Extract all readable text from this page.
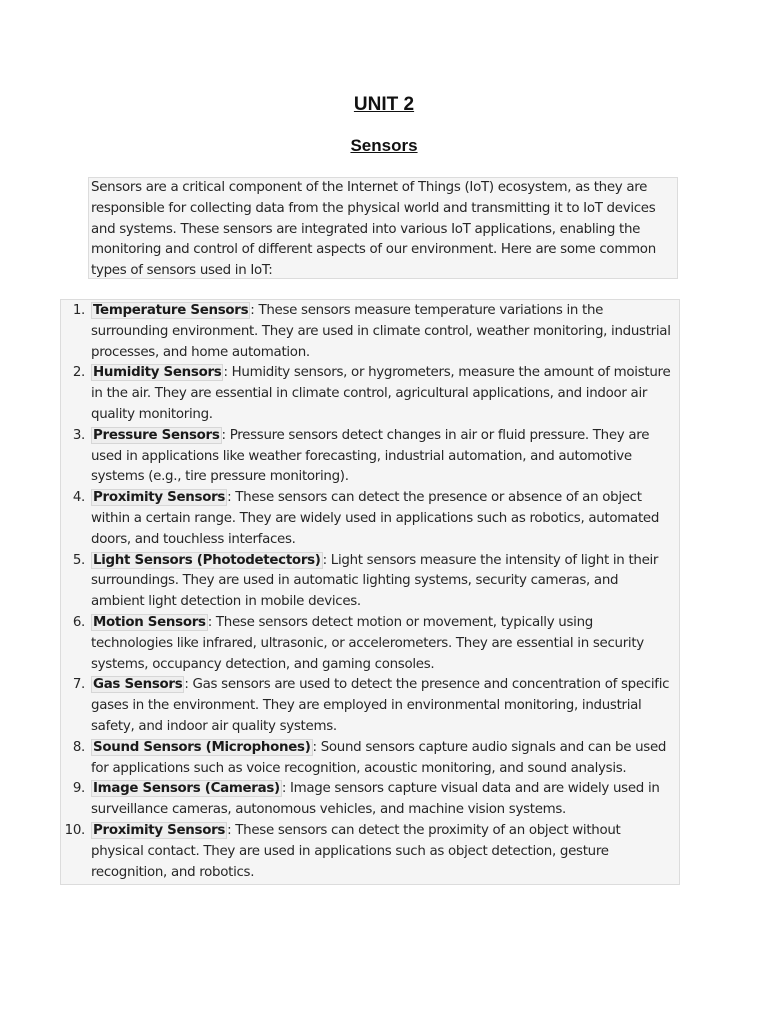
UNIT 2
Sensors

Sensors are a critical component of the Internet of Things (IoT) ecosystem, as they are responsible for collecting data from the physical world and transmitting it to IoT devices and systems. These sensors are integrated into various IoT applications, enabling the monitoring and control of different aspects of our environment. Here are some common types of sensors used in IoT:

1. Temperature Sensors : These sensors measure temperature variations in the surrounding environment. They are used in climate control, weather monitoring, industrial processes, and home automation.
2. Humidity Sensors : Humidity sensors, or hygrometers, measure the amount of moisture in the air. They are essential in climate control, agricultural applications, and indoor air quality monitoring.
3. Pressure Sensors : Pressure sensors detect changes in air or fluid pressure. They are used in applications like weather forecasting, industrial automation, and automotive systems (e.g., tire pressure monitoring).
4. Proximity Sensors : These sensors can detect the presence or absence of an object within a certain range. They are widely used in applications such as robotics, automated doors, and touchless interfaces.
5. Light Sensors (Photodetectors) : Light sensors measure the intensity of light in their surroundings. They are used in automatic lighting systems, security cameras, and ambient light detection in mobile devices.
6. Motion Sensors : These sensors detect motion or movement, typically using technologies like infrared, ultrasonic, or accelerometers. They are essential in security systems, occupancy detection, and gaming consoles.
7. Gas Sensors : Gas sensors are used to detect the presence and concentration of specific gases in the environment. They are employed in environmental monitoring, industrial safety, and indoor air quality systems.
8. Sound Sensors (Microphones) : Sound sensors capture audio signals and can be used for applications such as voice recognition, acoustic monitoring, and sound analysis.
9. Image Sensors (Cameras) : Image sensors capture visual data and are widely used in surveillance cameras, autonomous vehicles, and machine vision systems.
10. Proximity Sensors : These sensors can detect the proximity of an object without physical contact. They are used in applications such as object detection, gesture recognition, and robotics.
